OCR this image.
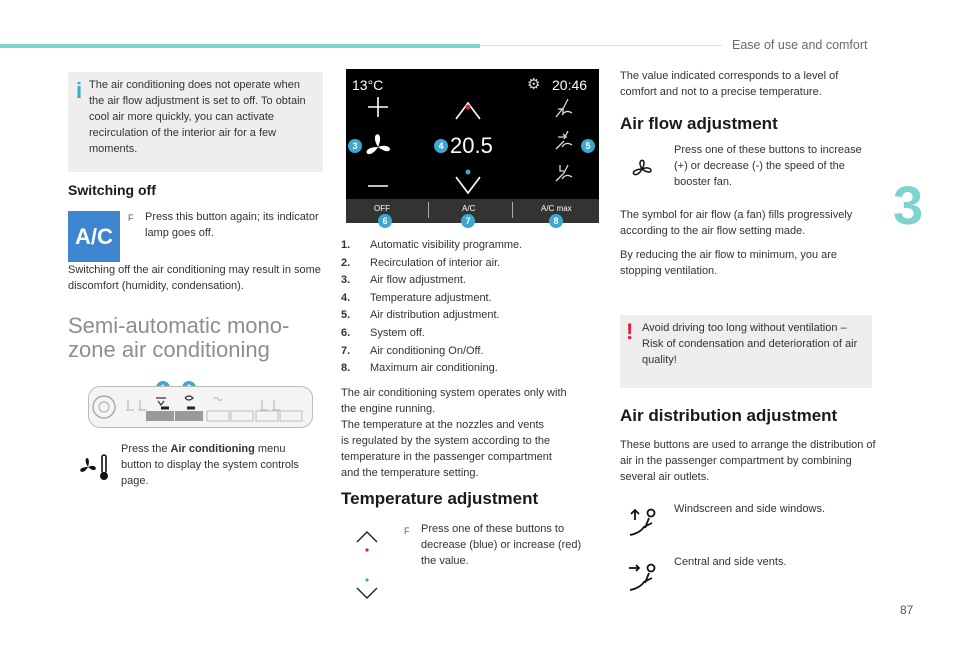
Ease of use and comfort
3
87
i The air conditioning does not operate when the air flow adjustment is set to off. To obtain cool air more quickly, you can activate recirculation of the interior air for a few moments.
Switching off
A/C
F Press this button again; its indicator lamp goes off.
Switching off the air conditioning may result in some discomfort (humidity, condensation).
Semi-automatic mono-
zone air conditioning
Press the Air conditioning menu button to display the system controls page.
13°C	⚙ 20:46
20.5
OFF	A/C	A/C max
3	4	5
6	7	8
1. Automatic visibility programme.
2. Recirculation of interior air.
3. Air flow adjustment.
4. Temperature adjustment.
5. Air distribution adjustment.
6. System off.
7. Air conditioning On/Off.
8. Maximum air conditioning.
The air conditioning system operates only with
the engine running.
The temperature at the nozzles and vents
is regulated by the system according to the
temperature in the passenger compartment
and the temperature setting.
Temperature adjustment
F Press one of these buttons to decrease (blue) or increase (red) the value.
The value indicated corresponds to a level of comfort and not to a precise temperature.
Air flow adjustment
Press one of these buttons to increase (+) or decrease (-) the speed of the booster fan.
The symbol for air flow (a fan) fills progressively according to the air flow setting made.
By reducing the air flow to minimum, you are stopping ventilation.
! Avoid driving too long without ventilation – Risk of condensation and deterioration of air quality!
Air distribution adjustment
These buttons are used to arrange the distribution of air in the passenger compartment by combining several air outlets.
Windscreen and side windows.
Central and side vents.
